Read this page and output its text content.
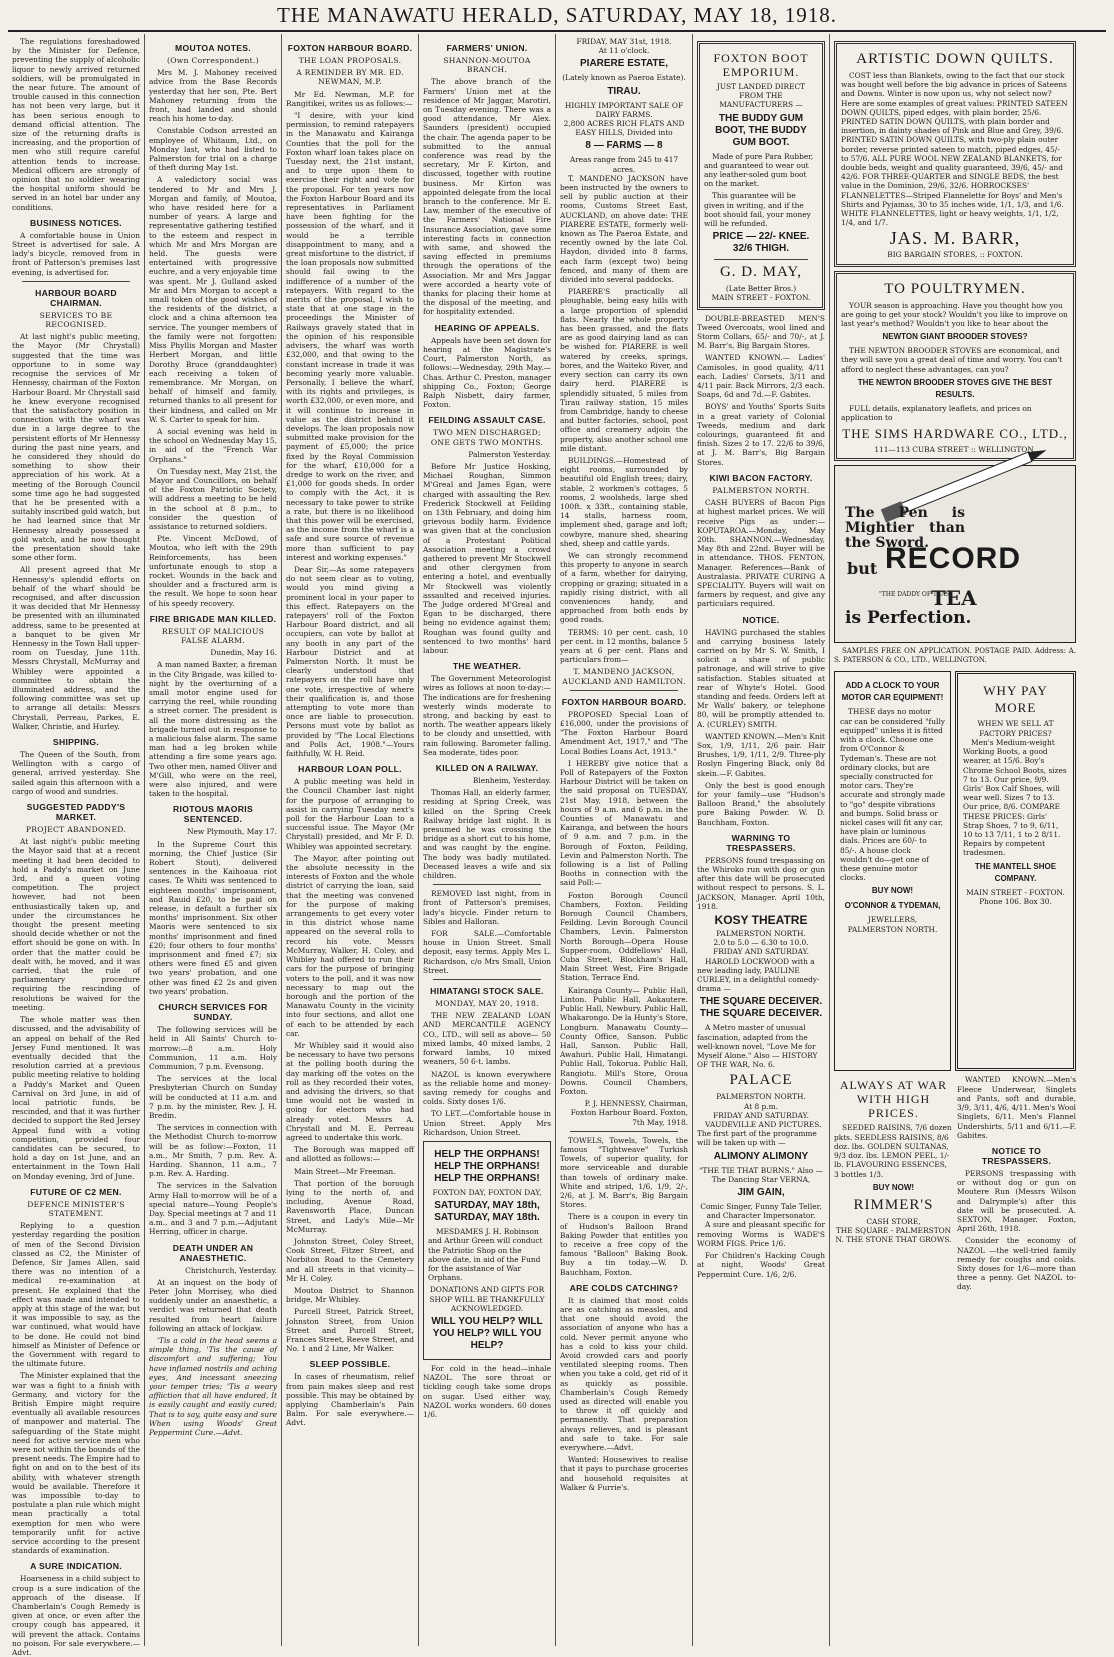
THE MANAWATU HERALD, SATURDAY, MAY 18, 1918.

The regulations foreshadowed by the Minister for Defence, preventing the supply of alcoholic liquor to newly arrived returned soldiers, will be promulgated in the near future. The amount of trouble caused in this connection has not been very large, but it has been serious enough to demand official attention. The size of the returning drafts is increasing, and the proportion of men who still require careful attention tends to increase. Medical officers are strongly of opinion that no soldier wearing the hospital uniform should be served in an hotel bar under any conditions.

BUSINESS NOTICES.

A comfortable house in Union Street is advertised for sale. A lady's bicycle, removed from in front of Patterson's premises last evening, is advertised for.

HARBOUR BOARD CHAIRMAN.
SERVICES TO BE RECOGNISED.

At last night's public meeting, the Mayor (Mr Chrystall) suggested that the time was opportune to in some way recognise the services of Mr Hennessy, chairman of the Foxton Harbour Board. Mr Chrystall said he knew everyone recognised that the satisfactory position in connection with the wharf was due in a large degree to the persistent efforts of Mr Hennessy during the past nine years, and he considered they should do something to show their appreciation of his work. At a meeting of the Borough Council some time ago he had suggested that he be presented with a suitably inscribed gold watch, but he had learned since that Mr Hennessy already possessed a gold watch, and he now thought the presentation should take some other form.

All present agreed that Mr Hennessy's splendid efforts on behalf of the wharf should be recognised, and after discussion it was decided that Mr Hennessy be presented with an illuminated address, same to be presented at a banquet to be given Mr Hennessy in the Town Hall upper-room on Tuesday, June 11th. Messrs Chrystall, McMurray and Whibley were appointed a committee to obtain the illuminated address, and the following committee was set up to arrange all details: Messrs Chrystall, Perreau, Parkes, E. Walker, Christie, and Hurley.

SHIPPING.

The Queen of the South, from Wellington with a cargo of general, arrived yesterday. She sailed again this afternoon with a cargo of wood and sundries.

SUGGESTED PADDY'S MARKET.
PROJECT ABANDONED.

At last night's public meeting the Mayor said that at a recent meeting it had been decided to hold a Paddy's market on June 3rd, and a queen voting competition. The project however, had not been enthusiastically taken up, and under the circumstances he thought the present meeting should decide whether or not the effort should be gone on with. In order that the matter could be dealt with, he moved, and it was carried, that the rule of parliamentary procedure requiring the rescinding of resolutions be waived for the meeting.

The whole matter was then discussed, and the advisability of an appeal on behalf of the Red Jersey Fund mentioned. It was eventually decided that the resolution carried at a previous public meeting relative to holding a Paddy's Market and Queen Carnival on 3rd June, in aid of local patriotic funds, be rescinded, and that it was further decided to support the Red Jersey Appeal fund with a voting competition, provided four candidates can be secured, to hold a day on 1st June, and an entertainment in the Town Hall on Monday evening, 3rd of June.

FUTURE OF C2 MEN.
DEFENCE MINISTER'S STATEMENT.

Replying to a question yesterday regarding the position of men of the Second Division classed as C2, the Minister of Defence, Sir James Allen, said there was no intention of a medical re-examination at present. He explained that the effect was made and intended to apply at this stage of the war, but it was impossible to say, as the war continued, what would have to be done. He could not bind himself as Minister of Defence or the Government with regard to the ultimate future.

The Minister explained that the war was a fight to a finish with Germany, and victory for the British Empire might require eventually all available resources of manpower and material. The safeguarding of the State might need for active service men who were not within the bounds of the present needs. The Empire had to fight on and on to the best of its ability, with whatever strength would be available. Therefore it was impossible to-day to postulate a plan rule which might mean practically a total exemption for men who were temporarily unfit for active service according to the present standards of examination.

A SURE INDICATION.

Hoarseness in a child subject to croup is a sure indication of the approach of the disease. If Chamberlain's Cough Remedy is given at once, or even after the croupy cough has appeared, it will prevent the attack. Contains no poison. For sale everywhere.—Advt.

MOUTOA NOTES.
(Own Correspondent.)

Mrs M. J. Mahoney received advice from the Base Records yesterday that her son, Pte. Bert Mahoney returning from the front, had landed and should reach his home to-day.

Constable Codson arrested an employee of Whitaum, Ltd., on Monday last, who had listed to Palmerston for trial on a charge of theft during May 1st.

A valedictory social was tendered to Mr and Mrs J. Morgan and family, of Moutoa, who have resided here for a number of years. A large and representative gathering testified to the esteem and respect in which Mr and Mrs Morgan are held. The guests were entertained with progressive euchre, and a very enjoyable time was spent. Mr J. Gulland asked Mr and Mrs Morgan to accept a small token of the good wishes of the residents of the district, a clock and a china afternoon tea service. The younger members of the family were not forgotten: Miss Phyllis Morgan and Master Herbert Morgan, and little Dorothy Bruce (granddaughter) each receiving a token of remembrance. Mr Morgan, on behalf of himself and family, returned thanks to all present for their kindness, and called on Mr W. S. Carter to speak for him.

A social evening was held in the school on Wednesday May 15, in aid of the "French War Orphans."

On Tuesday next, May 21st, the Mayor and Councillors, on behalf of the Foxton Patriotic Society, will address a meeting to be held in the school at 8 p.m., to consider the question of assistance to returned soldiers.

Pte. Vincent McDowd, of Moutoa, who left with the 29th Reinforcements, has been unfortunate enough to stop a rocket. Wounds in the back and shoulder and a fractured arm is the result. We hope to soon hear of his speedy recovery.

FIRE BRIGADE MAN KILLED.
RESULT OF MALICIOUS FALSE ALARM.

Dunedin, May 16.

A man named Baxter, a fireman in the City Brigade, was killed to-night by the overturning of a small motor engine used for carrying the reel, while rounding a street corner. The president is all the more distressing as the brigade turned out in response to a malicious false alarm. The same man had a leg broken while attending a fire some years ago. Two other men, named Oliver and M'Gill, who were on the reel, were also injured, and were taken to the hospital.

RIOTOUS MAORIS SENTENCED.

New Plymouth, May 17.

In the Supreme Court this morning, the Chief Justice (Sir Robert Stout), delivered sentences in the Kaihoaua riot cases. Te Whiti was sentenced to eighteen months' imprisonment, and Rauid £20, to be paid on release, in default a further six months' imprisonment. Six other Maoris were sentenced to six months' imprisonment and fined £20; four others to four months' imprisonment and fined £7; six others were fined £5 and given two years' probation, and one other was fined £2 2s and given two years' probation.

CHURCH SERVICES FOR SUNDAY.

The following services will be held in All Saints' Church to-morrow:—8 a.m. Holy Communion, 11 a.m. Holy Communion, 7 p.m. Evensong.

The services at the local Presbyterian Church on Sunday will be conducted at 11 a.m. and 7 p.m. by the minister, Rev. J. H. Bredin.

The services in connection with the Methodist Church to-morrow will be as follow:—Foxton, 11 a.m., Mr Smith, 7 p.m. Rev. A. Harding. Shannon, 11 a.m., 7 p.m. Rev. A. Harding.

The services in the Salvation Army Hall to-morrow will be of a special nature—Young People's Day. Special meetings at 7 and 11 a.m., and 3 and 7 p.m.—Adjutant Herring, officer in charge.

DEATH UNDER AN ANAESTHETIC.

Christchurch, Yesterday.

At an inquest on the body of Peter John Morrisey, who died suddenly under an anaesthetic, a verdict was returned that death resulted from heart failure following an attack of lockjaw.

'Tis a cold in the head seems a simple thing, 'Tis the cause of discomfort and suffering; You have inflamed nostrils and aching eyes, And incessant sneezing your temper tries; 'Tis a weary affliction that all have endured, It is easily caught and easily cured; That is to say, quite easy and sure When using Woods' Great Peppermint Cure.—Advt.

FOXTON HARBOUR BOARD.
THE LOAN PROPOSALS.
A REMINDER BY MR. ED. NEWMAN, M.P.

Mr Ed. Newman, M.P. for Rangitikei, writes us as follows:—

"I desire, with your kind permission, to remind ratepayers in the Manawatu and Kairanga Counties that the poll for the Foxton wharf loan takes place on Tuesday next, the 21st instant, and to urge upon them to exercise their right and vote for the proposal. For ten years now the Foxton Harbour Board and its representatives in Parliament have been fighting for the possession of the wharf, and it would be a terrible disappointment to many, and a great misfortune to the district, if the loan proposals now submitted should fail owing to the indifference of a number of the ratepayers. With regard to the merits of the proposal, I wish to state that at one stage in the proceedings the Minister of Railways gravely stated that in the opinion of his responsible advisers, the wharf was worth £32,000, and that owing to the constant increase in trade it was becoming yearly more valuable. Personally, I believe the wharf, with its rights and privileges, is worth £32,000, or even more, and it will continue to increase in value as the district behind it develops. The loan proposals now submitted make provision for the payment of £5,000; the price fixed by the Royal Commission for the wharf, £10,000 for a dredge to work on the river, and £1,000 for goods sheds. In order to comply with the Act, it is necessary to take power to strike a rate, but there is no likelihood that this power will be exercised, as the income from the wharf is a safe and sure source of revenue more than sufficient to pay interest and working expenses."

Dear Sir,—As some ratepayers do not seem clear as to voting, would you mind giving a prominent local in your paper to this effect. Ratepayers on the ratepayers' roll of the Foxton Harbour Board district, and all occupiers, can vote by ballot at any booth in any part of the Harbour District and at Palmerston North. It must be clearly understood that ratepayers on the roll have only one vote, irrespective of where their qualification is, and those attempting to vote more than once are liable to prosecution. Persons must vote by ballot as provided by "The Local Elections and Polls Act, 1908."—Yours faithfully, W. H. Reid.

HARBOUR LOAN POLL.

A public meeting was held in the Council Chamber last night for the purpose of arranging to assist in carrying Tuesday next's poll for the Harbour Loan to a successful issue. The Mayor (Mr Chrystall) presided, and Mr F. D. Whibley was appointed secretary.

The Mayor, after pointing out the absolute necessity in the interests of Foxton and the whole district of carrying the loan, said that the meeting was convened for the purpose of making arrangements to get every voter in this district whose name appeared on the several rolls to record his vote. Messrs McMurray, Walker, H. Coley, and Whibley had offered to run their cars for the purpose of bringing voters to the poll, and it was now necessary to map out the borough and the portion of the Manawatu County in the vicinity into four sections, and allot one of each to be attended by each car.

Mr Whibley said it would also be necessary to have two persons at the polling booth during the day marking off the votes on the roll as they recorded their votes, and advising the drivers, so that time would not be wasted in going for electors who had already voted. Messrs A. Chrystall and M. E. Perreau agreed to undertake this work.

The Borough was mapped off and allotted as follows:—

Main Street—Mr Freeman.

That portion of the borough lying to the north of, and including, Avenue Road, Ravensworth Place, Duncan Street, and Lady's Mile—Mr McMurray.

Johnston Street, Coley Street, Cook Street, Fitzer Street, and Norbiton Road to the Cemetery and all streets in that vicinity—Mr H. Coley.

Moutoa District to Shannon bridge, Mr Whibley.

Purcell Street, Patrick Street, Johnston Street, from Union Street and Purcell Street, Frances Street, Reeve Street, and No. 1 and 2 Line, Mr Walker.

SLEEP POSSIBLE.

In cases of rheumatism, relief from pain makes sleep and rest possible. This may be obtained by applying Chamberlain's Pain Balm. For sale everywhere.—Advt.

FARMERS' UNION.
SHANNON-MOUTOA BRANCH.

The above branch of the Farmers' Union met at the residence of Mr Jaggar, Marotiri, on Tuesday evening. There was a good attendance, Mr Alex. Saunders (president) occupied the chair. The agenda paper to be submitted to the annual conference was read by the secretary, Mr F. Kirton, and discussed, together with routine business. Mr Kirton was appointed delegate from the local branch to the conference. Mr E. Law, member of the executive of the Farmers' National Fire Insurance Association, gave some interesting facts in connection with same, and showed the saving effected in premiums through the operations of the Association. Mr and Mrs Jaggar were accorded a hearty vote of thanks for placing their home at the disposal of the meeting, and for hospitality extended.

HEARING OF APPEALS.

Appeals have been set down for hearing at the Magistrate's Court, Palmerston North, as follows:—Wednesday, 29th May.—Chas. Arthur C. Preston, manager shipping Co., Foxton; George Ralph Nisbett, dairy farmer, Foxton.

FEILDING ASSAULT CASE.
TWO MEN DISCHARGED; ONE GETS TWO MONTHS.

Palmerston Yesterday.

Before Mr Justice Hosking, Michael Roughan, Simmon M'Greal and James Egan, were charged with assaulting the Rev. Frederick Stockwell at Feilding on 13th February, and doing him grievous bodily harm. Evidence was given that at the conclusion of a Protestant Political Association meeting a crowd gathered to prevent Mr Stockwell and other clergymen from entering a hotel, and eventually Mr Stockwell was violently assaulted and received injuries. The Judge ordered M'Greal and Egan to be discharged, there being no evidence against them; Roughan was found guilty and sentenced to two months' hard labour.

THE WEATHER.

The Government Meteorologist wires as follows at noon to-day:— The indications are for freshening westerly winds moderate to strong, and backing by east to north. The weather appears likely to be cloudy and unsettled, with rain following. Barometer falling. Sea moderate, tides poor.

KILLED ON A RAILWAY.

Blenheim, Yesterday.

Thomas Hall, an elderly farmer, residing at Spring Creek, was killed on the Spring Creek Railway bridge last night. It is presumed he was crossing the bridge as a short cut to his home, and was caught by the engine. The body was badly mutilated. Deceased leaves a wife and six children.

REMOVED last night, from in front of Patterson's premises, lady's bicycle. Finder return to Sibles and Halloran.

FOR SALE.—Comfortable house in Union Street. Small deposit, easy terms. Apply Mrs L. Richardson, c/o Mrs Small, Union Street.

HIMATANGI STOCK SALE.
MONDAY, MAY 20, 1918.

THE NEW ZEALAND LOAN AND MERCANTILE AGENCY CO., LTD., will sell as above— 50 mixed lambs, 40 mixed lambs, 2 forward lambs, 10 mixed weaners, 50 6-t. lambs.

NAZOL is known everywhere as the reliable home and money-saving remedy for coughs and colds. Sixty doses 1/6.

TO LET.—Comfortable house in Union Street. Apply Mrs Richardson, Union Street.

HELP THE ORPHANS! HELP THE ORPHANS! HELP THE ORPHANS!
FOXTON DAY, FOXTON DAY,
SATURDAY, MAY 18th, SATURDAY, MAY 18th.

MESDAMES J. H. Robinson and Arthur Green will conduct the Patriotic Shop on the above date, in aid of the Fund for the assistance of War Orphans.

DONATIONS AND GIFTS FOR SHOP WILL BE THANKFULLY ACKNOWLEDGED.
WILL YOU HELP? WILL YOU HELP? WILL YOU HELP?

For cold in the head—inhale NAZOL. The sore throat or tickling cough take some drops on sugar. Used either way, NAZOL works wonders. 60 doses 1/6.

FRIDAY, MAY 31st, 1918.
At 11 o'clock.
PIARERE ESTATE,
(Lately known as Paeroa Estate).
TIRAU.
HIGHLY IMPORTANT SALE OF DAIRY FARMS.
2,800 ACRES RICH FLATS AND EASY HILLS, Divided into
8 — FARMS — 8
Areas range from 245 to 417 acres.

T. MANDENO JACKSON have been instructed by the owners to sell by public auction at their rooms, Customs Street East, AUCKLAND, on above date: THE PIARERE ESTATE, formerly well-known as The Paeroa Estate, and recently owned by the late Col. Haydon, divided into 8 farms, each farm (except two) being fenced, and many of them are divided into several paddocks.

PIARERE'S practically all ploughable, being easy hills with a large proportion of splendid flats. Nearly the whole property has been grassed, and the flats are as good dairying land as can be wished for. PIARERE is well watered by creeks, springs, bores, and the Waiteko River, and every section can carry its own dairy herd. PIARERE is splendidly situated, 5 miles from Tirau railway station, 15 miles from Cambridge, handy to cheese and butter factories, school, post office and creamery adjoin the property, also another school one mile distant.

BUILDINGS.—Homestead of eight rooms, surrounded by beautiful old English trees; dairy, stable, 2 workmen's cottages, 5 rooms, 2 woolsheds, large shed 100ft. x 33ft., containing stable, 14 stalls, harness room, implement shed, garage and loft; cowbyre, manure shed, shearing shed, sheep and cattle yards.

We can strongly recommend this property to anyone in search of a farm, whether for dairying, cropping or grazing; situated in a rapidly rising district, with all conveniences handy, and approached from both ends by good roads.

TERMS: 10 per cent. cash, 10 per cent. in 12 months, balance 5 years at 6 per cent. Plans and particulars from—

T. MANDENO JACKSON, AUCKLAND AND HAMILTON.
FOXTON HARBOUR BOARD.

PROPOSED Special Loan of £16,000, under the provisions of "The Foxton Harbour Board Amendment Act, 1917," and "The Local Bodies Loans Act, 1913."

I HEREBY give notice that a Poll of Ratepayers of the Foxton Harbour District will be taken on the said proposal on TUESDAY, 21st May, 1918, between the hours of 9 a.m. and 6 p.m. in the Counties of Manawatu and Kairanga, and between the hours of 9 a.m. and 7 p.m. in the Borough of Foxton, Feilding, Levin and Palmerston North. The following is a list of Polling Booths in connection with the said Poll:—

Foxton Borough Council Chambers, Foxton. Feilding Borough Council Chambers, Feilding. Levin Borough Council Chambers, Levin. Palmerston North Borough—Opera House Supper-room, Oddfellows' Hall, Cuba Street, Blockham's Hall, Main Street West, Fire Brigade Station, Terrace End.

Kairanga County— Public Hall, Linton. Public Hall, Aokautere. Public Hall, Newbury. Public Hall, Whakarongo. De la Hunty's Store, Longburn. Manawatu County— County Office, Sanson. Public Hall, Sanson. Public Hall, Awahuri. Public Hall, Himatangi. Public Hall, Tokorua. Public Hall, Rangiotu. Mill's Store, Oroua Downs. Council Chambers, Foxton.

P. J. HENNESSY, Chairman, Foxton Harbour Board. Foxton, 7th May, 1918.

TOWELS, Towels, Towels, the famous "Tightweave" Turkish Towels, of superior quality, for more serviceable and durable than towels of ordinary make. White and striped, 1/6, 1/9, 2/-, 2/6, at J. M. Barr's, Big Bargain Stores.

There is a coupon in every tin of Hudson's Balloon Brand Baking Powder that entitles you to receive a free copy of the famous "Balloon" Baking Book. Buy a tin today.—W. D. Bauchham, Foxton.

ARE COLDS CATCHING?

It is claimed that most colds are as catching as measles, and that one should avoid the association of anyone who has a cold. Never permit anyone who has a cold to kiss your child. Avoid crowded cars and poorly ventilated sleeping rooms. Then when you take a cold, get rid of it as quickly as possible. Chamberlain's Cough Remedy used as directed will enable you to throw it off quickly and permanently. That preparation always relieves, and is pleasant and safe to take. For sale everywhere.—Advt.

Wanted: Housewives to realise that it pays to purchase groceries and household requisites at Walker & Furrie's.

FOXTON BOOT EMPORIUM.
JUST LANDED DIRECT FROM THE MANUFACTURERS —
THE BUDDY GUM BOOT, THE BUDDY GUM BOOT.

Made of pure Para Rubber, and guaranteed to wear out any leather-soled gum boot on the market.

This guarantee will be given in writing, and if the boot should fail, your money will be refunded.

PRICE — 22/- KNEE. 32/6 THIGH.
G. D. MAY,
(Late Better Bros.)
MAIN STREET - FOXTON.

DOUBLE-BREASTED MEN'S Tweed Overcoats, wool lined and Storm Collars, 65/- and 70/-, at J. M. Barr's, Big Bargain Stores.

WANTED KNOWN.— Ladies' Camisoles, in good quality, 4/11 each. Ladies' Corsets, 3/11 and 4/11 pair. Back Mirrors, 2/3 each. Soaps, 6d and 7d.—F. Gabites.

BOYS' and Youths' Sports Suits in a great variety of Colonial Tweeds, medium and dark colourings, guaranteed fit and finish. Sizes 2 to 17. 22/6 to 39/6, at J. M. Barr's, Big Bargain Stores.

KIWI BACON FACTORY.
PALMERSTON NORTH.

CASH BUYERS of Bacon Pigs at highest market prices. We will receive Pigs as under:— KOPUTAROA.—Monday, May 20th. SHANNON.—Wednesday, May 8th and 22nd. Buyer will be in attendance. THOS. FENTON, Manager. References—Bank of Australasia. PRIVATE CURING A SPECIALITY. Buyers will wait on farmers by request, and give any particulars required.

NOTICE.

HAVING purchased the stables and carrying business lately carried on by Mr S. W. Smith, I solicit a share of public patronage, and will strive to give satisfaction. Stables situated at rear of Whyte's Hotel. Good standing and feeds. Orders left at Mr Walls' bakery, or telephone 80, will be promptly attended to. A. (CURLEY) SMITH.

WANTED KNOWN.—Men's Knit Sox, 1/9, 1/11, 2/6 pair. Hair Brushes, 1/9, 1/11, 2/9. Three-ply Roslyn Fingering Black, only 8d skein.—F. Gabites.

Only the best is good enough for your family—use "Hudson's Balloon Brand," the absolutely pure Baking Powder. W. D. Bauchham, Foxton.

WARNING TO TRESPASSERS.

PERSONS found trespassing on the Whiroko run with dog or gun after this date will be prosecuted without respect to persons. S. L. JACKSON, Manager. April 10th, 1918.

KOSY THEATRE
PALMERSTON NORTH.
2.0 to 5.0 — 6.30 to 10.0.
FRIDAY AND SATURDAY.

HAROLD LOCKWOOD with a new leading lady, PAULINE CURLEY, in a delightful comedy-drama —

THE SQUARE DECEIVER. THE SQUARE DECEIVER.

A Metro master of unusual fascination, adapted from the well-known novel, "Love Me for Myself Alone." Also — HISTORY OF THE WAR, No. 6.

PALACE
PALMERSTON NORTH.
At 8 p.m.
FRIDAY AND SATURDAY.

VAUDEVILLE AND PICTURES. The first part of the programme will be taken up with —

ALIMONY ALIMONY
"THE TIE THAT BURNS." Also — The Dancing Star VERNA,
JIM GAIN,
Comic Singer, Funny Tale Teller, and Character Impersonator.

A sure and pleasant specific for removing Worms is WADE'S WORM FIGS. Price 1/6.

For Children's Hacking Cough at night, Woods' Great Peppermint Cure. 1/6, 2/6.

ARTISTIC DOWN QUILTS.

COST less than Blankets, owing to the fact that our stock was bought well before the big advance in prices of Sateens and Downs. Winter is now upon us, why not select now? Here are some examples of great values: PRINTED SATEEN DOWN QUILTS, piped edges, with plain border, 25/6. PRINTED SATIN DOWN QUILTS, with plain border and insertion, in dainty shades of Pink and Blue and Grey, 39/6. PRINTED SATIN DOWN QUILTS, with two-ply plain outer border, reverse printed sateen to match, piped edges, 45/- to 57/6. ALL PURE WOOL NEW ZEALAND BLANKETS, for double beds, weight and quality guaranteed, 39/6, 45/- and 42/6. FOR THREE-QUARTER and SINGLE BEDS, the best value in the Dominion, 29/6, 32/6. HORROCKSES' FLANNELETTES—Striped Flannelette for Boys' and Men's Shirts and Pyjamas, 30 to 35 inches wide, 1/1, 1/3, and 1/6. WHITE FLANNELETTES, light or heavy weights, 1/1, 1/2, 1/4, and 1/7.

JAS. M. BARR,
BIG BARGAIN STORES, :: FOXTON.
TO POULTRYMEN.

YOUR season is approaching. Have you thought how you are going to get your stock? Wouldn't you like to improve on last year's method? Wouldn't you like to hear about the

NEWTON GIANT BROODER STOVES?

THE NEWTON BROODER STOVES are economical, and they will save you a great deal of time and worry. You can't afford to neglect these advantages, can you?

THE NEWTON BROODER STOVES GIVE THE BEST RESULTS.

FULL details, explanatory leaflets, and prices on application to

THE SIMS HARDWARE CO., LTD.,
111—113 CUBA STREET :: WELLINGTON.
The Pen is Mightier than the Sword.
but RECORD
"THE DADDY OF TEAS"
TEA
is Perfection.

SAMPLES FREE ON APPLICATION. POSTAGE PAID. Address: A. S. PATERSON & CO., LTD., WELLINGTON.

ADD A CLOCK TO YOUR MOTOR CAR EQUIPMENT!

THESE days no motor car can be considered "fully equipped" unless it is fitted with a clock. Choose one from O'Connor & Tydeman's. These are not ordinary clocks, but are specially constructed for motor cars. They're accurate and strongly made to "go" despite vibrations and bumps. Solid brass or nickel cases will fit any car, have plain or luminous dials. Prices are 60/- to 85/-. A house clock wouldn't do—get one of these genuine motor clocks.

BUY NOW!
O'CONNOR & TYDEMAN,
JEWELLERS,
PALMERSTON NORTH.
WHY PAY MORE
WHEN WE SELL AT FACTORY PRICES?

Men's Medium-weight Working Boots, a good wearer, at 15/6. Boy's Chrome School Boots, sizes 7 to 13. Our price, 9/9. Girls' Box Calf Shoes, will wear well. Sizes 7 to 13. Our price, 8/6. COMPARE THESE PRICES: Girls' Strap Shoes, 7 to 9, 6/11, 10 to 13 7/11, 1 to 2 8/11. Repairs by competent tradesmen.

THE MANTELL SHOE COMPANY.
MAIN STREET - FOXTON. Phone 106. Box 30.
ALWAYS AT WAR WITH HIGH PRICES.

SEEDED RAISINS, 7/6 dozen pkts. SEEDLESS RAISINS, 8/6 doz. lbs. GOLDEN SULTANAS, 9/3 doz. lbs. LEMON PEEL, 1/- lb. FLAVOURING ESSENCES, 3 bottles 1/3.

BUY NOW!
RIMMER'S
CASH STORE,
THE SQUARE - PALMERSTON N. THE STONE THAT GROWS.

WANTED KNOWN.—Men's Fleece Underwear, Singlets and Pants, soft and durable, 3/9, 3/11, 4/6, 4/11. Men's Wool Singlets, 6/11. Men's Flannel Undershirts, 5/11 and 6/11.—F. Gabites.

NOTICE TO TRESPASSERS.

PERSONS trespassing with or without dog or gun on Moutere Run (Messrs Wilson and Dalrymple's) after this date will be prosecuted. A. SEXTON, Manager. Foxton, April 26th, 1918.

Consider the economy of NAZOL —the well-tried family remedy for coughs and colds. Sixty doses for 1/6—more than three a penny. Get NAZOL to-day.
